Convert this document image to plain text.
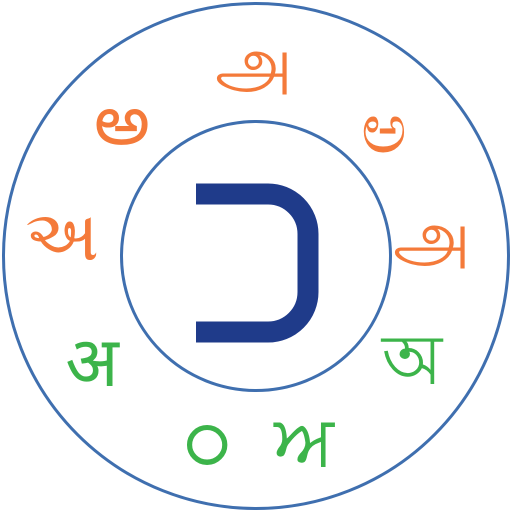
அ
అ	ಅ
અ	அ
अ	অ
ഠ ਅ
